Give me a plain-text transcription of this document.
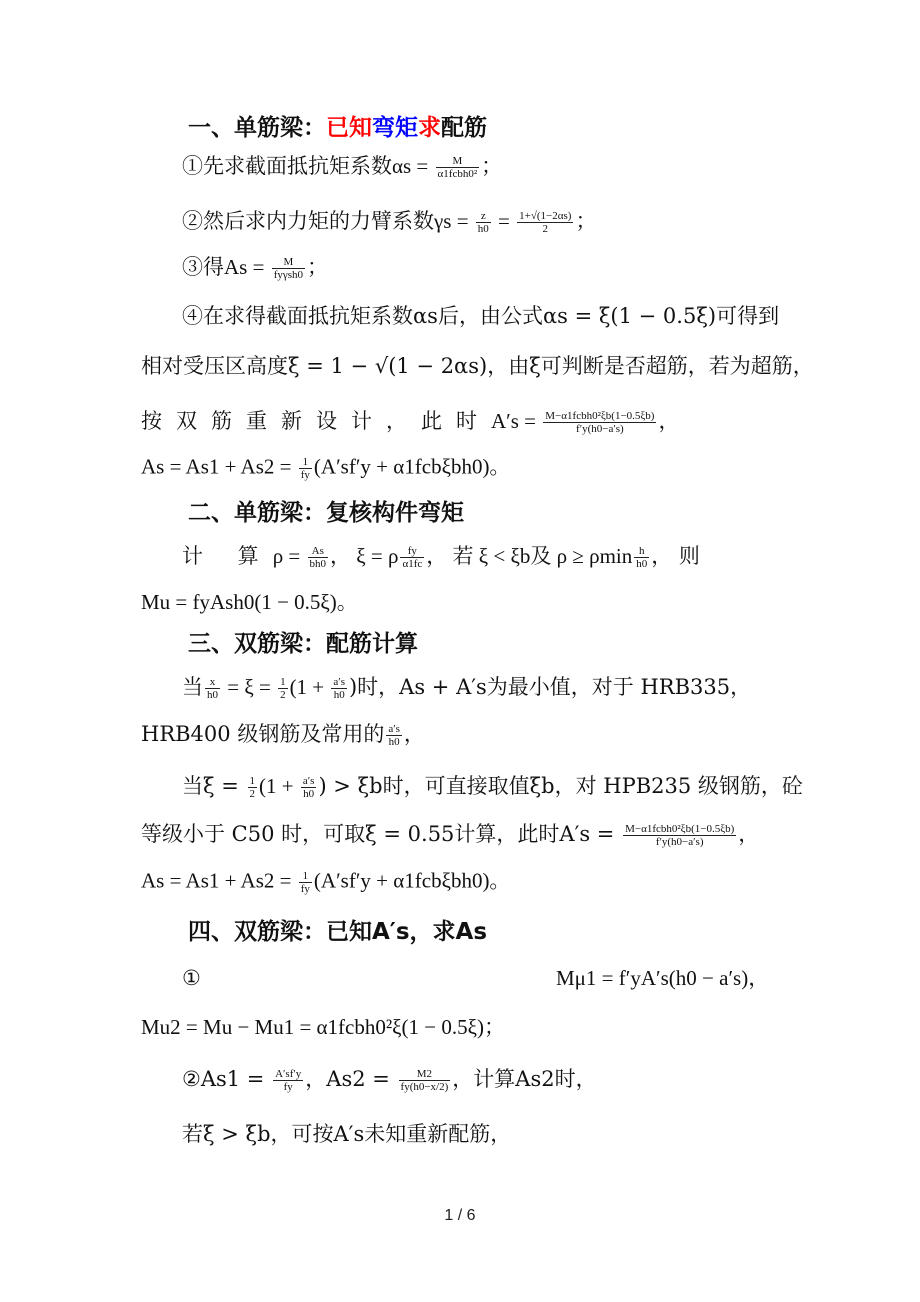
一、单筋梁：已知弯矩求配筋
①先求截面抵抗矩系数$\alpha s = \frac{M}{\text{α1fcbh0²}}$ ；
②然后求内力矩的力臂系数$\gamma s = \frac{z}{h0} = \frac{1+√(1-2\alpha s)}{2}$ ；
③得$As = \frac{M}{\text{fyγsh0}}$ ；
④在求得截面抵抗矩系数αs后，由公式αs = ξ(1 − 0.5ξ)可得到
相对受压区高度ξ = 1 − √(1 − 2αs)，由ξ可判断是否超筋，若为超筋，
按双筋重新设计，此时$A's = \frac{\text{M−α1fcbh0²ξb(1−0.5ξb)}}{f'y(h0-a's)}$ ，
$As = As1 + As2 = \frac{1}{fy} (A'sf'y + \alpha 1fcb\xi bh0)$。
二、单筋梁：复核构件弯矩
计 算$\rho = \frac{As}{bh0}$ ， ξ = ρ $\frac{fy}{\alpha 1fc}$ ， 若 ξ < ξb及 ρ ≥ ρmin $\frac{h}{h0}$ ， 则
Mu = fyAsh0(1 − 0.5ξ)。
三、双筋梁：配筋计算
当 $\frac{x}{h0} = \xi = \frac{1}{2} (1 + \frac{a's}{h0}$ )时，As + A′s为最小值，对于 HRB335，
HRB400 级钢筋及常用的 $\frac{a's}{h0}$ ，
当$\xi = \frac{1}{2} (1 + \frac{a's}{h0}$ ) > ξb时，可直接取值ξb，对 HPB235 级钢筋，砼
等级小于 C50 时，可取ξ = 0.55计算，此时$A's = \frac{\text{M−α1fcbh0²ξb(1−0.5ξb)}}{f'y(h0-a's)}$ ，
$As = As1 + As2 = \frac{1}{fy} (A'sf'y + \alpha 1fcb\xi bh0)$。
四、双筋梁：已知A′s，求As
①	Mμ1 = f′yA′s(h0 − a′s)，
Mu2 = Mu − Mu1 = α1fcbh0²ξ(1 − 0.5ξ)；
②As1 = $\frac{A'sf'y}{fy}$ ，$As2 = \frac{M2}{fy(h0-x/2)}$ ，计算As2时，
若ξ > ξb，可按A′s未知重新配筋，
1 / 6
